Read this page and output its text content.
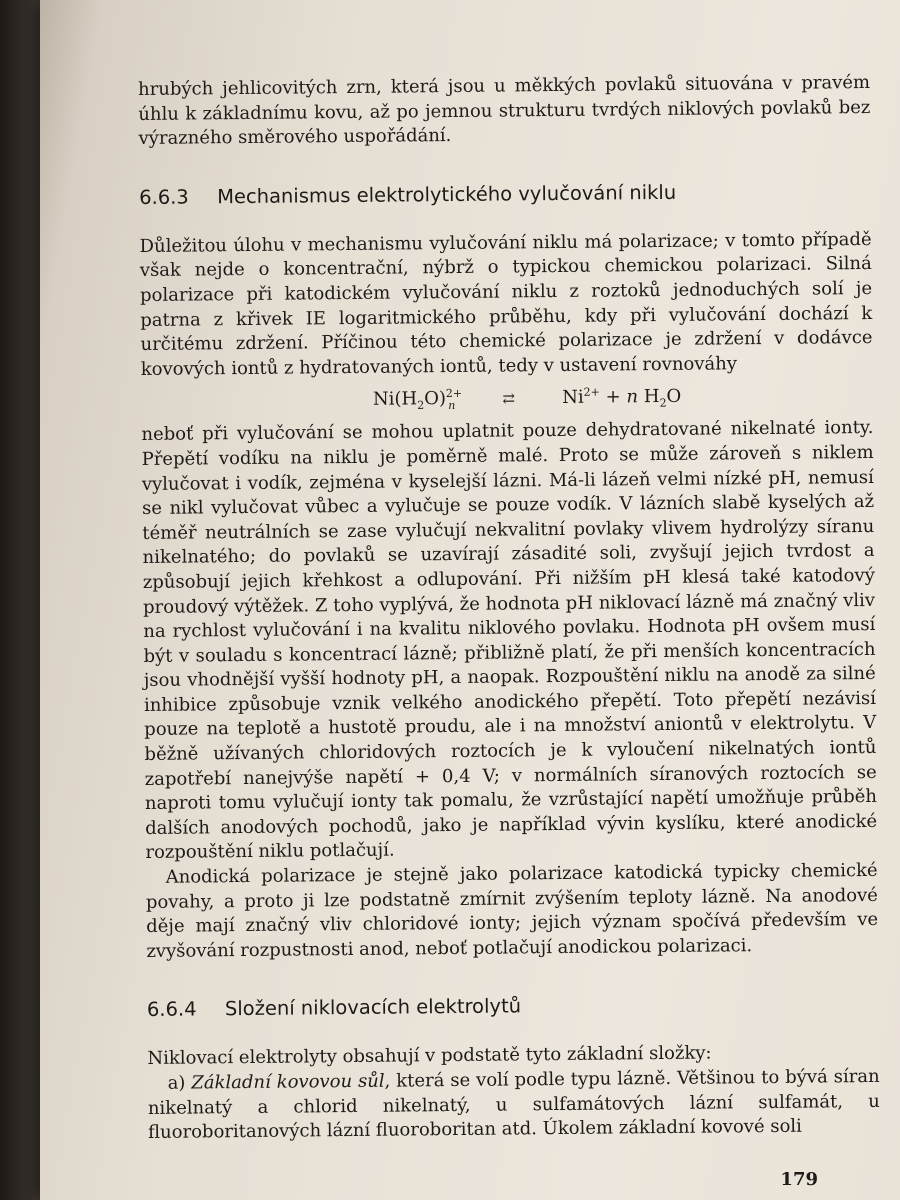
hrubých jehlicovitých zrn, která jsou u měkkých povlaků situována v pravém úhlu k základnímu kovu, až po jemnou strukturu tvrdých niklových povlaků bez výrazného směrového uspořádání.

6.6.3 Mechanismus elektrolytického vylučování niklu

Důležitou úlohu v mechanismu vylučování niklu má polarizace; v tomto případě však nejde o koncentrační, nýbrž o typickou chemickou polarizaci. Silná polarizace při katodickém vylučování niklu z roztoků jednoduchých solí je patrna z křivek IE logaritmického průběhu, kdy při vylučování dochází k určitému zdržení. Příčinou této chemické polarizace je zdržení v dodávce kovových iontů z hydratovaných iontů, tedy v ustavení rovnováhy

$Ni(H_2O)^{2+}_n$	⇄	$Ni^{2+} + n$ $H_2O$

neboť při vylučování se mohou uplatnit pouze dehydratované nikelnaté ionty. Přepětí vodíku na niklu je poměrně malé. Proto se může zároveň s niklem vylučovat i vodík, zejména v kyselejší lázni. Má-li lázeň velmi nízké pH, nemusí se nikl vylučovat vůbec a vylučuje se pouze vodík. V lázních slabě kyselých až téměř neutrálních se zase vylučují nekvalitní povlaky vlivem hydrolýzy síranu nikelnatého; do povlaků se uzavírají zásadité soli, zvyšují jejich tvrdost a způsobují jejich křehkost a odlupování. Při nižším pH klesá také katodový proudový výtěžek. Z toho vyplývá, že hodnota pH niklovací lázně má značný vliv na rychlost vylučování i na kvalitu niklového povlaku. Hodnota pH ovšem musí být v souladu s koncentrací lázně; přibližně platí, že při menších koncentracích jsou vhodnější vyšší hodnoty pH, a naopak. Rozpouštění niklu na anodě za silné inhibice způsobuje vznik velkého anodického přepětí. Toto přepětí nezávisí pouze na teplotě a hustotě proudu, ale i na množství aniontů v elektrolytu. V běžně užívaných chloridových roztocích je k vyloučení nikelnatých iontů zapotřebí nanejvýše napětí + 0,4 V; v normálních síranových roztocích se naproti tomu vylučují ionty tak pomalu, že vzrůstající napětí umožňuje průběh dalších anodových pochodů, jako je například vývin kyslíku, které anodické rozpouštění niklu potlačují.

Anodická polarizace je stejně jako polarizace katodická typicky chemické povahy, a proto ji lze podstatně zmírnit zvýšením teploty lázně. Na anodové děje mají značný vliv chloridové ionty; jejich význam spočívá především ve zvyšování rozpustnosti anod, neboť potlačují anodickou polarizaci.

6.6.4 Složení niklovacích elektrolytů

Niklovací elektrolyty obsahují v podstatě tyto základní složky:

a) Základní kovovou sůl, která se volí podle typu lázně. Většinou to bývá síran nikelnatý a chlorid nikelnatý, u sulfamátových lázní sulfamát, u fluoroboritanových lázní fluoroboritan atd. Úkolem základní kovové soli

179
